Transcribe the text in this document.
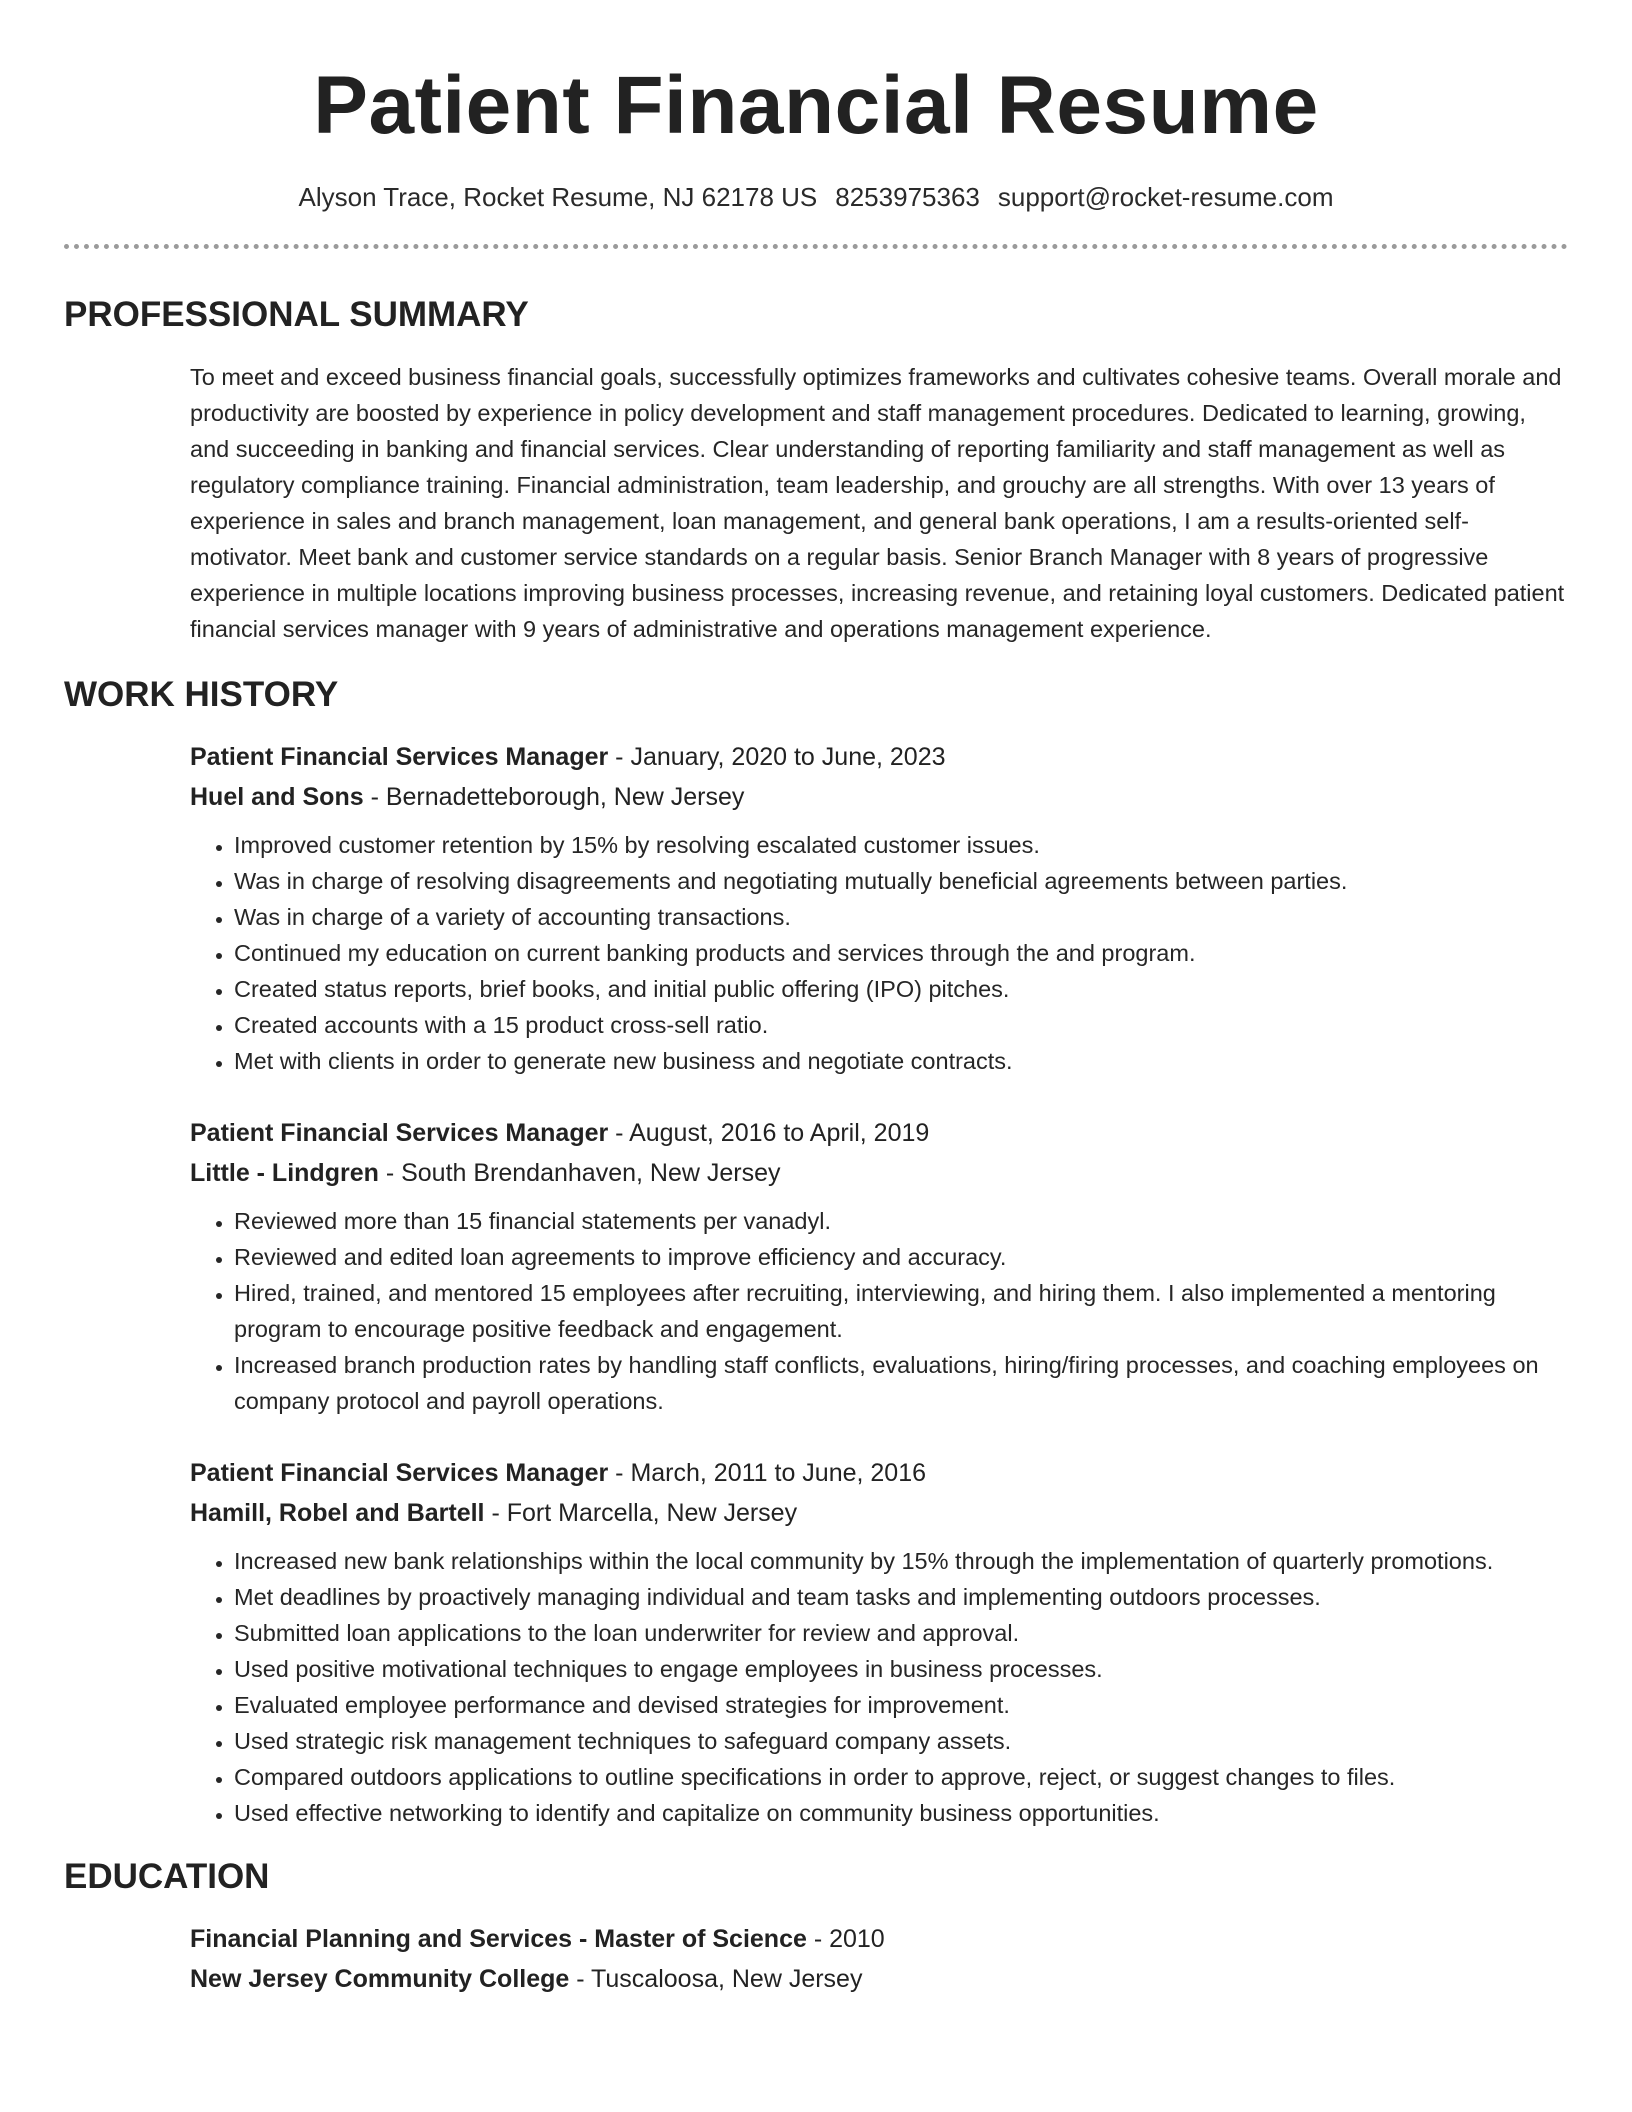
Patient Financial Resume
Alyson Trace, Rocket Resume, NJ 62178 US 8253975363 support@rocket-resume.com
PROFESSIONAL SUMMARY

To meet and exceed business financial goals, successfully optimizes frameworks and cultivates cohesive teams. Overall morale and productivity are boosted by experience in policy development and staff management procedures. Dedicated to learning, growing, and succeeding in banking and financial services. Clear understanding of reporting familiarity and staff management as well as regulatory compliance training. Financial administration, team leadership, and grouchy are all strengths. With over 13 years of experience in sales and branch management, loan management, and general bank operations, I am a results-oriented self-motivator. Meet bank and customer service standards on a regular basis. Senior Branch Manager with 8 years of progressive experience in multiple locations improving business processes, increasing revenue, and retaining loyal customers. Dedicated patient financial services manager with 9 years of administrative and operations management experience.

WORK HISTORY
Patient Financial Services Manager - January, 2020 to June, 2023
Huel and Sons - Bernadetteborough, New Jersey
• Improved customer retention by 15% by resolving escalated customer issues.
• Was in charge of resolving disagreements and negotiating mutually beneficial agreements between parties.
• Was in charge of a variety of accounting transactions.
• Continued my education on current banking products and services through the and program.
• Created status reports, brief books, and initial public offering (IPO) pitches.
• Created accounts with a 15 product cross-sell ratio.
• Met with clients in order to generate new business and negotiate contracts.
Patient Financial Services Manager - August, 2016 to April, 2019
Little - Lindgren - South Brendanhaven, New Jersey
• Reviewed more than 15 financial statements per vanadyl.
• Reviewed and edited loan agreements to improve efficiency and accuracy.
• Hired, trained, and mentored 15 employees after recruiting, interviewing, and hiring them. I also implemented a mentoring program to encourage positive feedback and engagement.
• Increased branch production rates by handling staff conflicts, evaluations, hiring/firing processes, and coaching employees on company protocol and payroll operations.
Patient Financial Services Manager - March, 2011 to June, 2016
Hamill, Robel and Bartell - Fort Marcella, New Jersey
• Increased new bank relationships within the local community by 15% through the implementation of quarterly promotions.
• Met deadlines by proactively managing individual and team tasks and implementing outdoors processes.
• Submitted loan applications to the loan underwriter for review and approval.
• Used positive motivational techniques to engage employees in business processes.
• Evaluated employee performance and devised strategies for improvement.
• Used strategic risk management techniques to safeguard company assets.
• Compared outdoors applications to outline specifications in order to approve, reject, or suggest changes to files.
• Used effective networking to identify and capitalize on community business opportunities.
EDUCATION
Financial Planning and Services - Master of Science - 2010
New Jersey Community College - Tuscaloosa, New Jersey
